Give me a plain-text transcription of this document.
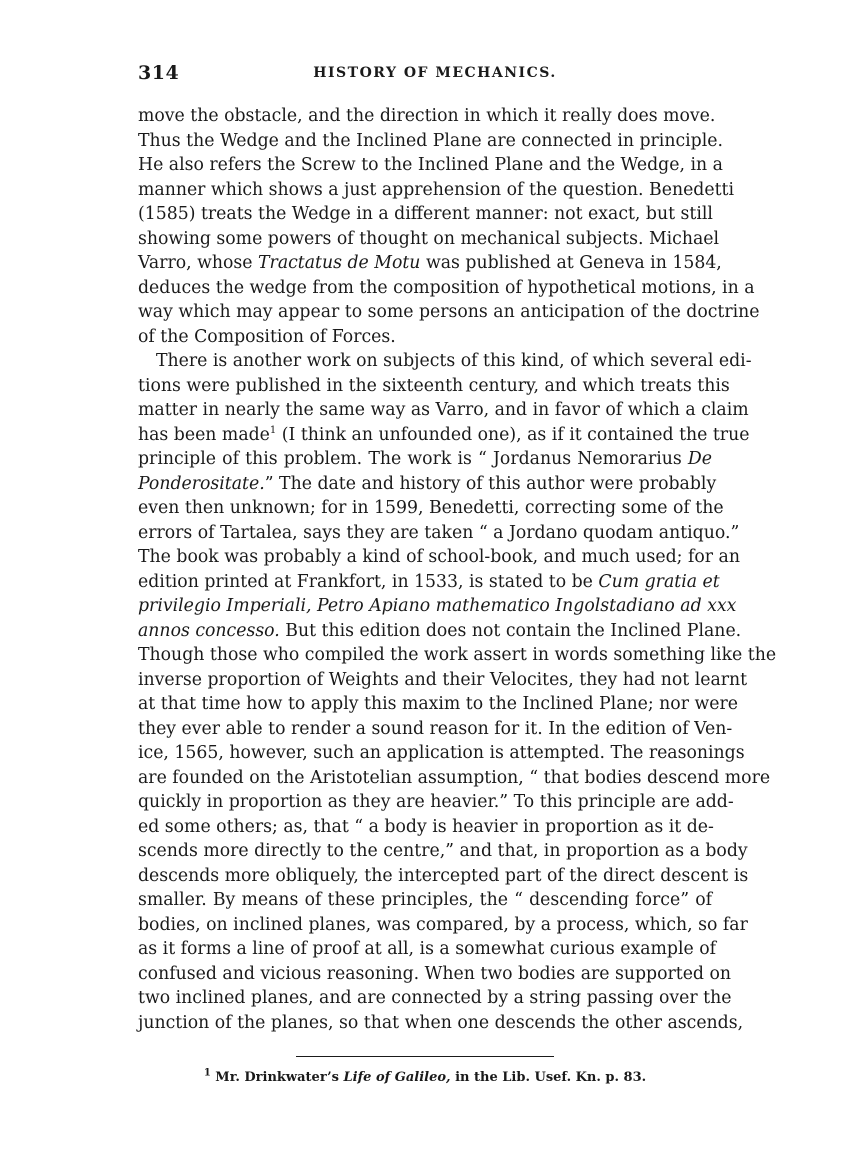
314	HISTORY OF MECHANICS.
move the obstacle, and the direction in which it really does move.
Thus the Wedge and the Inclined Plane are connected in principle.
He also refers the Screw to the Inclined Plane and the Wedge, in a
manner which shows a just apprehension of the question. Benedetti
(1585) treats the Wedge in a different manner: not exact, but still
showing some powers of thought on mechanical subjects. Michael
Varro, whose Tractatus de Motu was published at Geneva in 1584,
deduces the wedge from the composition of hypothetical motions, in a
way which may appear to some persons an anticipation of the doctrine
of the Composition of Forces.
There is another work on subjects of this kind, of which several edi-
tions were published in the sixteenth century, and which treats this
matter in nearly the same way as Varro, and in favor of which a claim
has been made$^1$ (I think an unfounded one), as if it contained the true
principle of this problem. The work is “ Jordanus Nemorarius De
Ponderositate.” The date and history of this author were probably
even then unknown; for in 1599, Benedetti, correcting some of the
errors of Tartalea, says they are taken “ a Jordano quodam antiquo.”
The book was probably a kind of school-book, and much used; for an
edition printed at Frankfort, in 1533, is stated to be Cum gratia et
privilegio Imperiali, Petro Apiano mathematico Ingolstadiano ad xxx
annos concesso. But this edition does not contain the Inclined Plane.
Though those who compiled the work assert in words something like the
inverse proportion of Weights and their Velocites, they had not learnt
at that time how to apply this maxim to the Inclined Plane; nor were
they ever able to render a sound reason for it. In the edition of Ven-
ice, 1565, however, such an application is attempted. The reasonings
are founded on the Aristotelian assumption, “ that bodies descend more
quickly in proportion as they are heavier.” To this principle are add-
ed some others; as, that “ a body is heavier in proportion as it de-
scends more directly to the centre,” and that, in proportion as a body
descends more obliquely, the intercepted part of the direct descent is
smaller. By means of these principles, the “ descending force” of
bodies, on inclined planes, was compared, by a process, which, so far
as it forms a line of proof at all, is a somewhat curious example of
confused and vicious reasoning. When two bodies are supported on
two inclined planes, and are connected by a string passing over the
junction of the planes, so that when one descends the other ascends,
$^1$ Mr. Drinkwater’s Life of Galileo, in the Lib. Usef. Kn. p. 83.
